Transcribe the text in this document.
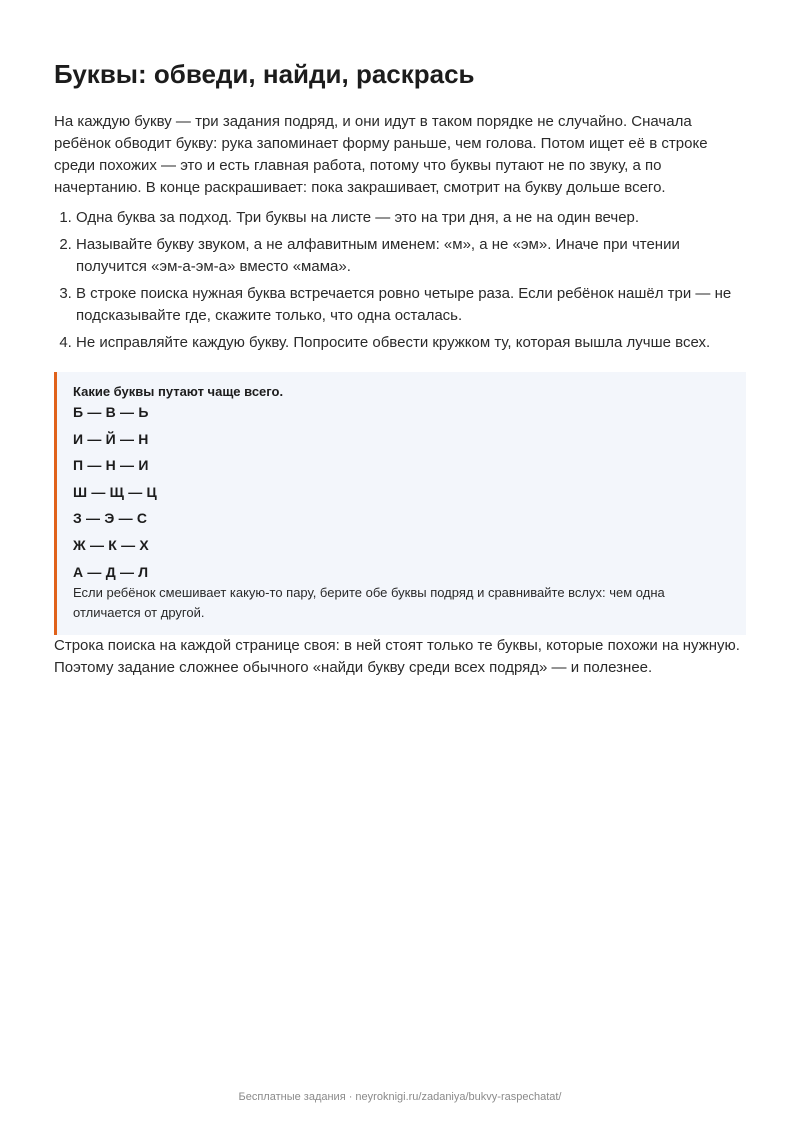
Буквы: обведи, найди, раскрась

На каждую букву — три задания подряд, и они идут в таком порядке не случайно. Сначала ребёнок обводит букву: рука запоминает форму раньше, чем голова. Потом ищет её в строке среди похожих — это и есть главная работа, потому что буквы путают не по звуку, а по начертанию. В конце раскрашивает: пока закрашивает, смотрит на букву дольше всего.

1. Одна буква за подход. Три буквы на листе — это на три дня, а не на один вечер.
2. Называйте букву звуком, а не алфавитным именем: «м», а не «эм». Иначе при чтении получится «эм-а-эм-а» вместо «мама».
3. В строке поиска нужная буква встречается ровно четыре раза. Если ребёнок нашёл три — не подсказывайте где, скажите только, что одна осталась.
4. Не исправляйте каждую букву. Попросите обвести кружком ту, которая вышла лучше всех.
Какие буквы путают чаще всего.
Б — В — Ь
И — Й — Н
П — Н — И
Ш — Щ — Ц
З — Э — С
Ж — К — Х
А — Д — Л
Если ребёнок смешивает какую-то пару, берите обе буквы подряд и сравнивайте вслух: чем одна отличается от другой.

Строка поиска на каждой странице своя: в ней стоят только те буквы, которые похожи на нужную. Поэтому задание сложнее обычного «найди букву среди всех подряд» — и полезнее.

Бесплатные задания · neyroknigi.ru/zadaniya/bukvy-raspechatat/
